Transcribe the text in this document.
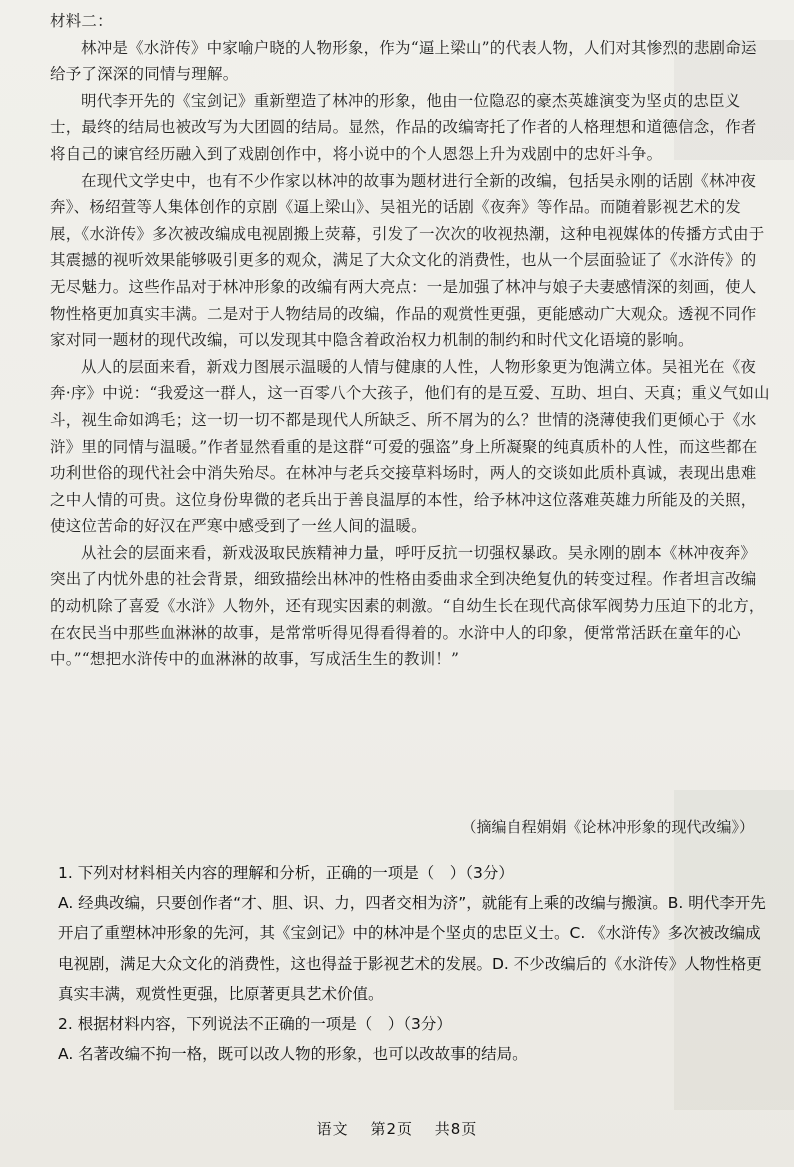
材料二：

林冲是《水浒传》中家喻户晓的人物形象，作为“逼上梁山”的代表人物，人们对其惨烈的悲剧命运给予了深深的同情与理解。

明代李开先的《宝剑记》重新塑造了林冲的形象，他由一位隐忍的豪杰英雄演变为坚贞的忠臣义士，最终的结局也被改写为大团圆的结局。显然，作品的改编寄托了作者的人格理想和道德信念，作者将自己的谏官经历融入到了戏剧创作中，将小说中的个人恩怨上升为戏剧中的忠奸斗争。

在现代文学史中，也有不少作家以林冲的故事为题材进行全新的改编，包括吴永刚的话剧《林冲夜奔》、杨绍萱等人集体创作的京剧《逼上梁山》、吴祖光的话剧《夜奔》等作品。而随着影视艺术的发展，《水浒传》多次被改编成电视剧搬上荧幕，引发了一次次的收视热潮，这种电视媒体的传播方式由于其震撼的视听效果能够吸引更多的观众，满足了大众文化的消费性，也从一个层面验证了《水浒传》的无尽魅力。这些作品对于林冲形象的改编有两大亮点：一是加强了林冲与娘子夫妻感情深的刻画，使人物性格更加真实丰满。二是对于人物结局的改编，作品的观赏性更强，更能感动广大观众。透视不同作家对同一题材的现代改编，可以发现其中隐含着政治权力机制的制约和时代文化语境的影响。

从人的层面来看，新戏力图展示温暖的人情与健康的人性，人物形象更为饱满立体。吴祖光在《夜奔·序》中说：“我爱这一群人，这一百零八个大孩子，他们有的是互爱、互助、坦白、天真；重义气如山斗，视生命如鸿毛；这一切一切不都是现代人所缺乏、所不屑为的么？世情的浇薄使我们更倾心于《水浒》里的同情与温暖。”作者显然看重的是这群“可爱的强盗”身上所凝聚的纯真质朴的人性，而这些都在功利世俗的现代社会中消失殆尽。在林冲与老兵交接草料场时，两人的交谈如此质朴真诚，表现出患难之中人情的可贵。这位身份卑微的老兵出于善良温厚的本性，给予林冲这位落难英雄力所能及的关照，使这位苦命的好汉在严寒中感受到了一丝人间的温暖。

从社会的层面来看，新戏汲取民族精神力量，呼吁反抗一切强权暴政。吴永刚的剧本《林冲夜奔》突出了内忧外患的社会背景，细致描绘出林冲的性格由委曲求全到决绝复仇的转变过程。作者坦言改编的动机除了喜爱《水浒》人物外，还有现实因素的刺激。“自幼生长在现代高俅军阀势力压迫下的北方，在农民当中那些血淋淋的故事，是常常听得见得看得着的。水浒中人的印象，便常常活跃在童年的心中。”“想把水浒传中的血淋淋的故事，写成活生生的教训！”

（摘编自程娟娟《论林冲形象的现代改编》）

1. 下列对材料相关内容的理解和分析，正确的一项是（　）（3分）

A. 经典改编，只要创作者“才、胆、识、力，四者交相为济”，就能有上乘的改编与搬演。B. 明代李开先开启了重塑林冲形象的先河，其《宝剑记》中的林冲是个坚贞的忠臣义士。C. 《水浒传》多次被改编成电视剧，满足大众文化的消费性，这也得益于影视艺术的发展。D. 不少改编后的《水浒传》人物性格更真实丰满，观赏性更强，比原著更具艺术价值。

2. 根据材料内容，下列说法不正确的一项是（　）（3分）

A. 名著改编不拘一格，既可以改人物的形象，也可以改故事的结局。

语文 第2页 共8页
